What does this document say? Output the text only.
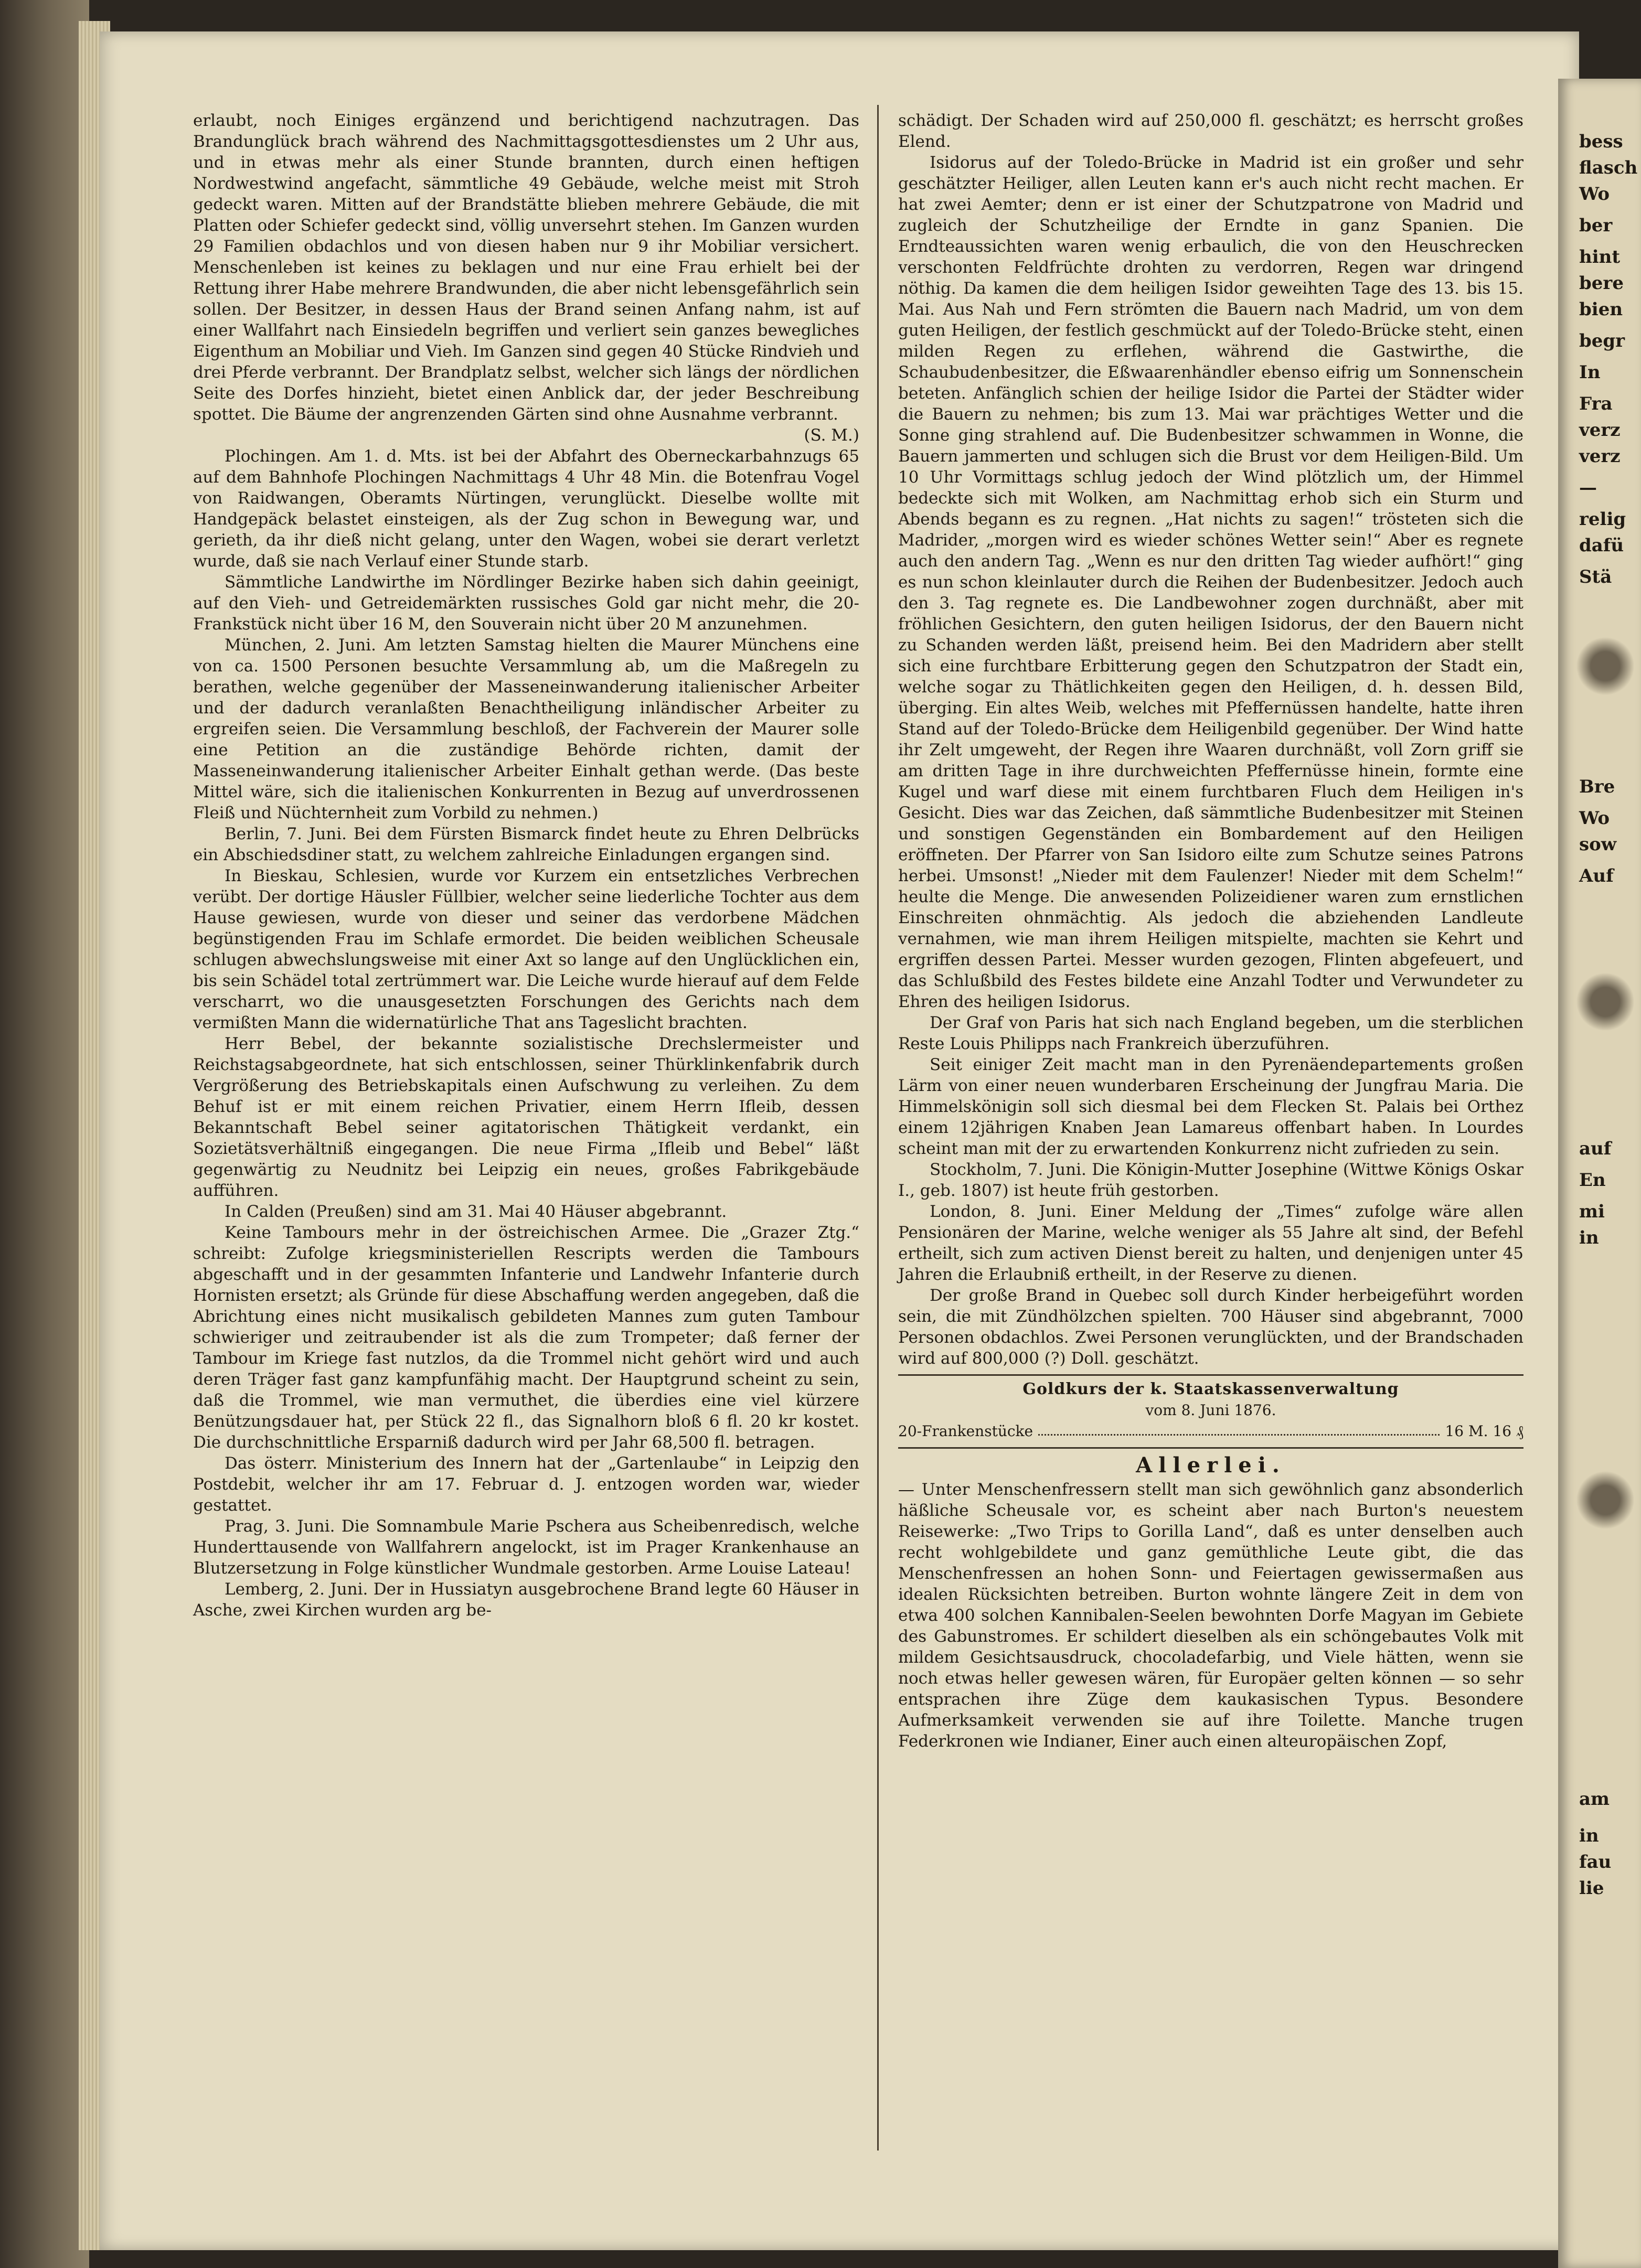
erlaubt, noch Einiges ergänzend und berichtigend nachzutragen. Das Brandunglück brach während des Nachmittagsgottesdienstes um 2 Uhr aus, und in etwas mehr als einer Stunde brannten, durch einen heftigen Nordwestwind angefacht, sämmtliche 49 Gebäude, welche meist mit Stroh gedeckt waren. Mitten auf der Brandstätte blieben mehrere Gebäude, die mit Platten oder Schiefer gedeckt sind, völlig unversehrt stehen. Im Ganzen wurden 29 Familien obdachlos und von diesen haben nur 9 ihr Mobiliar versichert. Menschenleben ist keines zu beklagen und nur eine Frau erhielt bei der Rettung ihrer Habe mehrere Brandwunden, die aber nicht lebensgefährlich sein sollen. Der Besitzer, in dessen Haus der Brand seinen Anfang nahm, ist auf einer Wallfahrt nach Einsiedeln begriffen und verliert sein ganzes bewegliches Eigenthum an Mobiliar und Vieh. Im Ganzen sind gegen 40 Stücke Rindvieh und drei Pferde verbrannt. Der Brandplatz selbst, welcher sich längs der nördlichen Seite des Dorfes hinzieht, bietet einen Anblick dar, der jeder Beschreibung spottet. Die Bäume der angrenzenden Gärten sind ohne Ausnahme verbrannt.

(S. M.)

Plochingen. Am 1. d. Mts. ist bei der Abfahrt des Oberneckarbahnzugs 65 auf dem Bahnhofe Plochingen Nachmittags 4 Uhr 48 Min. die Botenfrau Vogel von Raidwangen, Oberamts Nürtingen, verunglückt. Dieselbe wollte mit Handgepäck belastet einsteigen, als der Zug schon in Bewegung war, und gerieth, da ihr dieß nicht gelang, unter den Wagen, wobei sie derart verletzt wurde, daß sie nach Verlauf einer Stunde starb.

Sämmtliche Landwirthe im Nördlinger Bezirke haben sich dahin geeinigt, auf den Vieh- und Getreidemärkten russisches Gold gar nicht mehr, die 20-Frankstück nicht über 16 M, den Souverain nicht über 20 M anzunehmen.

München, 2. Juni. Am letzten Samstag hielten die Maurer Münchens eine von ca. 1500 Personen besuchte Versammlung ab, um die Maßregeln zu berathen, welche gegenüber der Masseneinwanderung italienischer Arbeiter und der dadurch veranlaßten Benachtheiligung inländischer Arbeiter zu ergreifen seien. Die Versammlung beschloß, der Fachverein der Maurer solle eine Petition an die zuständige Behörde richten, damit der Masseneinwanderung italienischer Arbeiter Einhalt gethan werde. (Das beste Mittel wäre, sich die italienischen Konkurrenten in Bezug auf unverdrossenen Fleiß und Nüchternheit zum Vorbild zu nehmen.)

Berlin, 7. Juni. Bei dem Fürsten Bismarck findet heute zu Ehren Delbrücks ein Abschiedsdiner statt, zu welchem zahlreiche Einladungen ergangen sind.

In Bieskau, Schlesien, wurde vor Kurzem ein entsetzliches Verbrechen verübt. Der dortige Häusler Füllbier, welcher seine liederliche Tochter aus dem Hause gewiesen, wurde von dieser und seiner das verdorbene Mädchen begünstigenden Frau im Schlafe ermordet. Die beiden weiblichen Scheusale schlugen abwechslungsweise mit einer Axt so lange auf den Unglücklichen ein, bis sein Schädel total zertrümmert war. Die Leiche wurde hierauf auf dem Felde verscharrt, wo die unausgesetzten Forschungen des Gerichts nach dem vermißten Mann die widernatürliche That ans Tageslicht brachten.

Herr Bebel, der bekannte sozialistische Drechslermeister und Reichstagsabgeordnete, hat sich entschlossen, seiner Thürklinkenfabrik durch Vergrößerung des Betriebskapitals einen Aufschwung zu verleihen. Zu dem Behuf ist er mit einem reichen Privatier, einem Herrn Ifleib, dessen Bekanntschaft Bebel seiner agitatorischen Thätigkeit verdankt, ein Sozietätsverhältniß eingegangen. Die neue Firma „Ifleib und Bebel“ läßt gegenwärtig zu Neudnitz bei Leipzig ein neues, großes Fabrikgebäude aufführen.

In Calden (Preußen) sind am 31. Mai 40 Häuser abgebrannt.

Keine Tambours mehr in der östreichischen Armee. Die „Grazer Ztg.“ schreibt: Zufolge kriegsministeriellen Rescripts werden die Tambours abgeschafft und in der gesammten Infanterie und Landwehr Infanterie durch Hornisten ersetzt; als Gründe für diese Abschaffung werden angegeben, daß die Abrichtung eines nicht musikalisch gebildeten Mannes zum guten Tambour schwieriger und zeitraubender ist als die zum Trompeter; daß ferner der Tambour im Kriege fast nutzlos, da die Trommel nicht gehört wird und auch deren Träger fast ganz kampfunfähig macht. Der Hauptgrund scheint zu sein, daß die Trommel, wie man vermuthet, die überdies eine viel kürzere Benützungsdauer hat, per Stück 22 fl., das Signalhorn bloß 6 fl. 20 kr kostet. Die durchschnittliche Ersparniß dadurch wird per Jahr 68,500 fl. betragen.

Das österr. Ministerium des Innern hat der „Gartenlaube“ in Leipzig den Postdebit, welcher ihr am 17. Februar d. J. entzogen worden war, wieder gestattet.

Prag, 3. Juni. Die Somnambule Marie Pschera aus Scheibenredisch, welche Hunderttausende von Wallfahrern angelockt, ist im Prager Krankenhause an Blutzersetzung in Folge künstlicher Wundmale gestorben. Arme Louise Lateau!

Lemberg, 2. Juni. Der in Hussiatyn ausgebrochene Brand legte 60 Häuser in Asche, zwei Kirchen wurden arg be-

schädigt. Der Schaden wird auf 250,000 fl. geschätzt; es herrscht großes Elend.

Isidorus auf der Toledo-Brücke in Madrid ist ein großer und sehr geschätzter Heiliger, allen Leuten kann er's auch nicht recht machen. Er hat zwei Aemter; denn er ist einer der Schutzpatrone von Madrid und zugleich der Schutzheilige der Erndte in ganz Spanien. Die Erndteaussichten waren wenig erbaulich, die von den Heuschrecken verschonten Feldfrüchte drohten zu verdorren, Regen war dringend nöthig. Da kamen die dem heiligen Isidor geweihten Tage des 13. bis 15. Mai. Aus Nah und Fern strömten die Bauern nach Madrid, um von dem guten Heiligen, der festlich geschmückt auf der Toledo-Brücke steht, einen milden Regen zu erflehen, während die Gastwirthe, die Schaubudenbesitzer, die Eßwaarenhändler ebenso eifrig um Sonnenschein beteten. Anfänglich schien der heilige Isidor die Partei der Städter wider die Bauern zu nehmen; bis zum 13. Mai war prächtiges Wetter und die Sonne ging strahlend auf. Die Budenbesitzer schwammen in Wonne, die Bauern jammerten und schlugen sich die Brust vor dem Heiligen-Bild. Um 10 Uhr Vormittags schlug jedoch der Wind plötzlich um, der Himmel bedeckte sich mit Wolken, am Nachmittag erhob sich ein Sturm und Abends begann es zu regnen. „Hat nichts zu sagen!“ trösteten sich die Madrider, „morgen wird es wieder schönes Wetter sein!“ Aber es regnete auch den andern Tag. „Wenn es nur den dritten Tag wieder aufhört!“ ging es nun schon kleinlauter durch die Reihen der Budenbesitzer. Jedoch auch den 3. Tag regnete es. Die Landbewohner zogen durchnäßt, aber mit fröhlichen Gesichtern, den guten heiligen Isidorus, der den Bauern nicht zu Schanden werden läßt, preisend heim. Bei den Madridern aber stellt sich eine furchtbare Erbitterung gegen den Schutzpatron der Stadt ein, welche sogar zu Thätlichkeiten gegen den Heiligen, d. h. dessen Bild, überging. Ein altes Weib, welches mit Pfeffernüssen handelte, hatte ihren Stand auf der Toledo-Brücke dem Heiligenbild gegenüber. Der Wind hatte ihr Zelt umgeweht, der Regen ihre Waaren durchnäßt, voll Zorn griff sie am dritten Tage in ihre durchweichten Pfeffernüsse hinein, formte eine Kugel und warf diese mit einem furchtbaren Fluch dem Heiligen in's Gesicht. Dies war das Zeichen, daß sämmtliche Budenbesitzer mit Steinen und sonstigen Gegenständen ein Bombardement auf den Heiligen eröffneten. Der Pfarrer von San Isidoro eilte zum Schutze seines Patrons herbei. Umsonst! „Nieder mit dem Faulenzer! Nieder mit dem Schelm!“ heulte die Menge. Die anwesenden Polizeidiener waren zum ernstlichen Einschreiten ohnmächtig. Als jedoch die abziehenden Landleute vernahmen, wie man ihrem Heiligen mitspielte, machten sie Kehrt und ergriffen dessen Partei. Messer wurden gezogen, Flinten abgefeuert, und das Schlußbild des Festes bildete eine Anzahl Todter und Verwundeter zu Ehren des heiligen Isidorus.

Der Graf von Paris hat sich nach England begeben, um die sterblichen Reste Louis Philipps nach Frankreich überzuführen.

Seit einiger Zeit macht man in den Pyrenäendepartements großen Lärm von einer neuen wunderbaren Erscheinung der Jungfrau Maria. Die Himmelskönigin soll sich diesmal bei dem Flecken St. Palais bei Orthez einem 12jährigen Knaben Jean Lamareus offenbart haben. In Lourdes scheint man mit der zu erwartenden Konkurrenz nicht zufrieden zu sein.

Stockholm, 7. Juni. Die Königin-Mutter Josephine (Wittwe Königs Oskar I., geb. 1807) ist heute früh gestorben.

London, 8. Juni. Einer Meldung der „Times“ zufolge wäre allen Pensionären der Marine, welche weniger als 55 Jahre alt sind, der Befehl ertheilt, sich zum activen Dienst bereit zu halten, und denjenigen unter 45 Jahren die Erlaubniß ertheilt, in der Reserve zu dienen.

Der große Brand in Quebec soll durch Kinder herbeigeführt worden sein, die mit Zündhölzchen spielten. 700 Häuser sind abgebrannt, 7000 Personen obdachlos. Zwei Personen verunglückten, und der Brandschaden wird auf 800,000 (?) Doll. geschätzt.

Goldkurs der k. Staatskassenverwaltung
vom 8. Juni 1876.
20-Frankenstücke	16 M. 16 ₰
Allerlei.

— Unter Menschenfressern stellt man sich gewöhnlich ganz absonderlich häßliche Scheusale vor, es scheint aber nach Burton's neuestem Reisewerke: „Two Trips to Gorilla Land“, daß es unter denselben auch recht wohlgebildete und ganz gemüthliche Leute gibt, die das Menschenfressen an hohen Sonn- und Feiertagen gewissermaßen aus idealen Rücksichten betreiben. Burton wohnte längere Zeit in dem von etwa 400 solchen Kannibalen-Seelen bewohnten Dorfe Magyan im Gebiete des Gabunstromes. Er schildert dieselben als ein schöngebautes Volk mit mildem Gesichtsausdruck, chocoladefarbig, und Viele hätten, wenn sie noch etwas heller gewesen wären, für Europäer gelten können — so sehr entsprachen ihre Züge dem kaukasischen Typus. Besondere Aufmerksamkeit verwenden sie auf ihre Toilette. Manche trugen Federkronen wie Indianer, Einer auch einen alteuropäischen Zopf,

bess
flasch
Wo
ber
hint
bere
bien
begr
In
Fra
verz
verz
—
relig
dafü
Stä
Bre
Wo
sow
Auf
auf
En
mi
in
am
in
fau
lie
